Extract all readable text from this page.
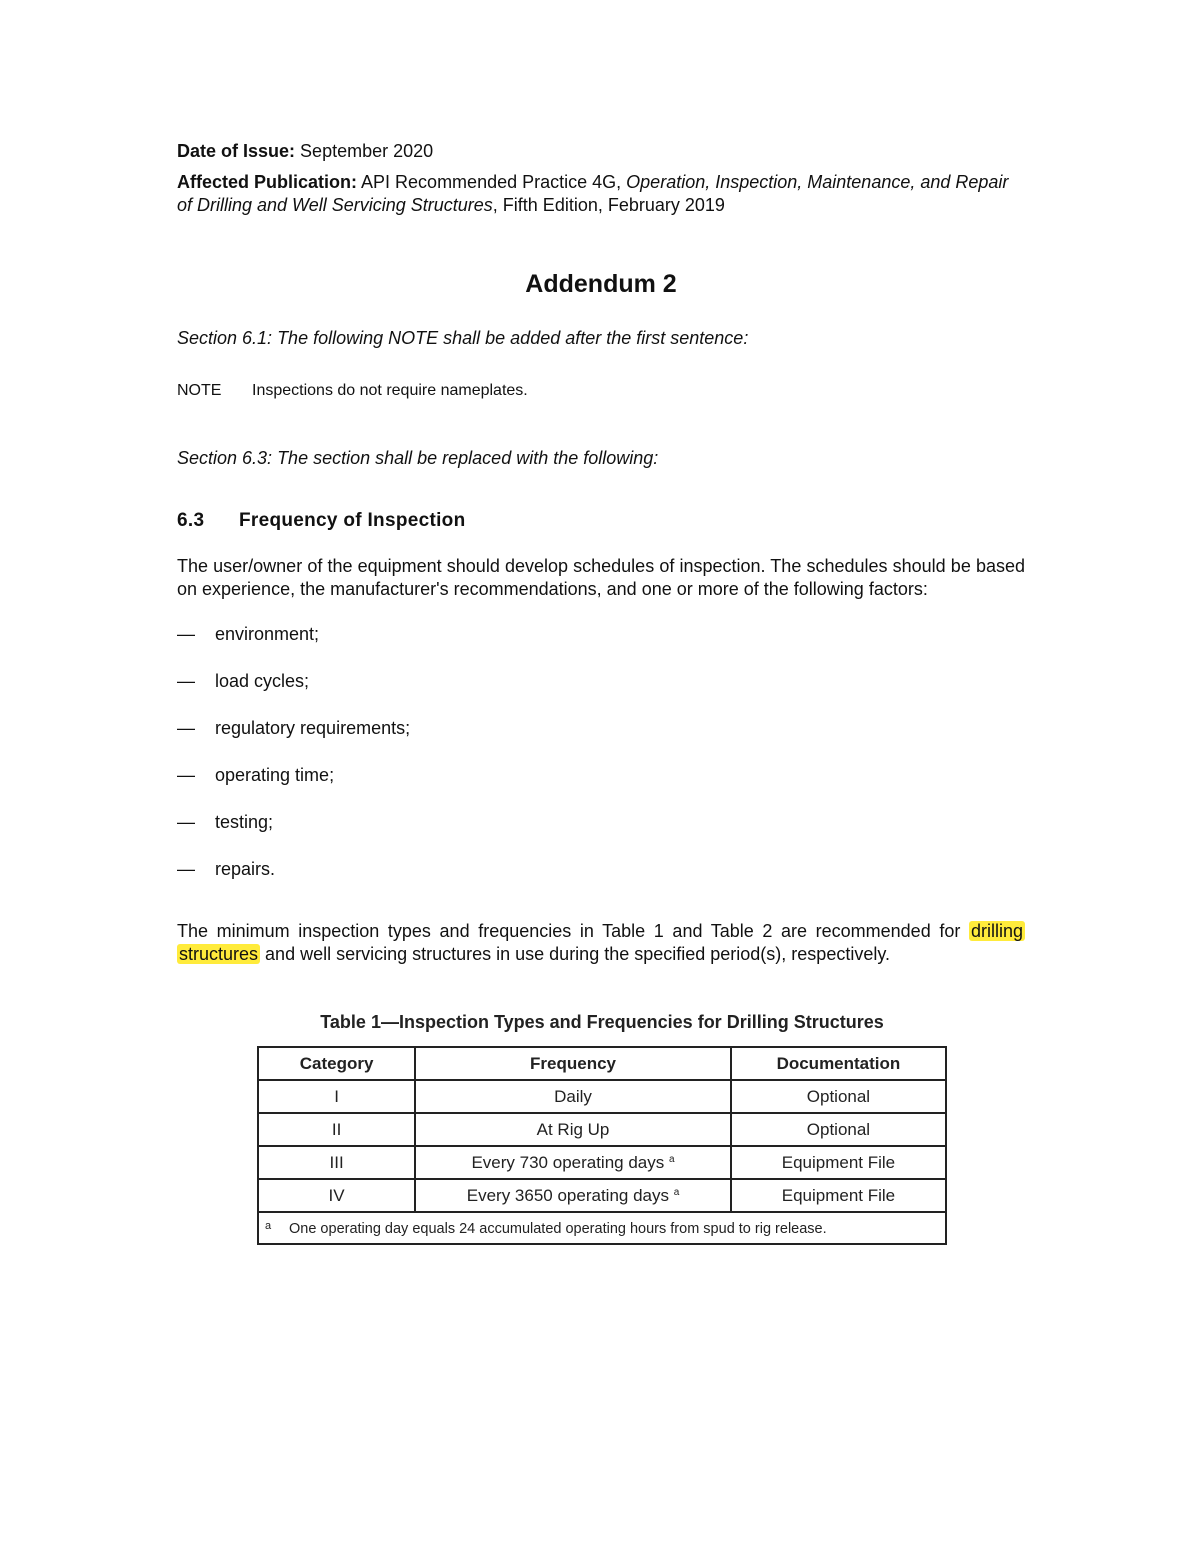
Date of Issue: September 2020
Affected Publication: API Recommended Practice 4G, Operation, Inspection, Maintenance, and Repair of Drilling and Well Servicing Structures, Fifth Edition, February 2019
Addendum 2
Section 6.1: The following NOTE shall be added after the first sentence:
NOTE	Inspections do not require nameplates.
Section 6.3: The section shall be replaced with the following:
6.3	Frequency of Inspection
The user/owner of the equipment should develop schedules of inspection. The schedules should be based on experience, the manufacturer's recommendations, and one or more of the following factors:
—	environment;
—	load cycles;
—	regulatory requirements;
—	operating time;
—	testing;
—	repairs.
The minimum inspection types and frequencies in Table 1 and Table 2 are recommended for drilling structures and well servicing structures in use during the specified period(s), respectively.
Table 1—Inspection Types and Frequencies for Drilling Structures
Category	Frequency	Documentation
I	Daily	Optional
II	At Rig Up	Optional
III	Every 730 operating days $^a$	Equipment File
IV	Every 3650 operating days $^a$	Equipment File
a One operating day equals 24 accumulated operating hours from spud to rig release.		
